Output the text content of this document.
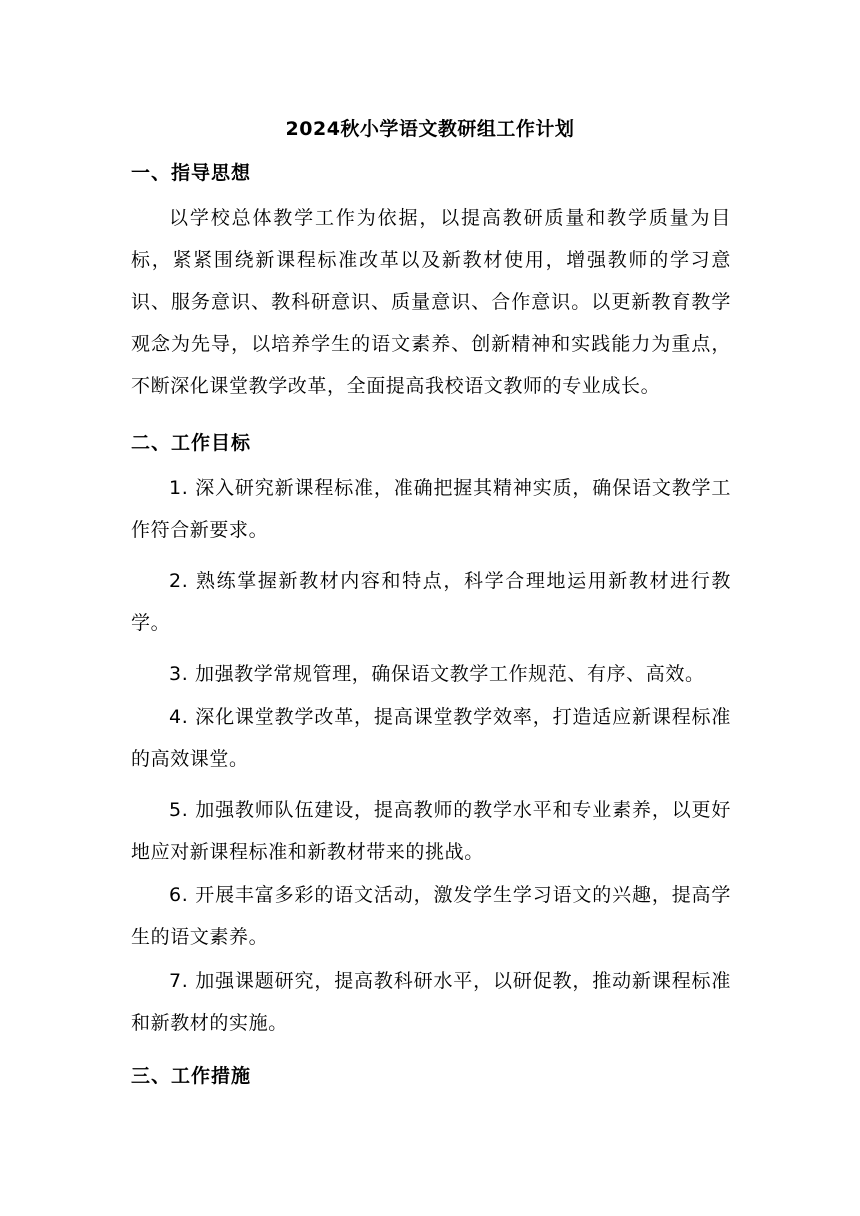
2024秋小学语文教研组工作计划
一、指导思想
以学校总体教学工作为依据，以提高教研质量和教学质量为目标，紧紧围绕新课程标准改革以及新教材使用，增强教师的学习意识、服务意识、教科研意识、质量意识、合作意识。以更新教育教学观念为先导，以培养学生的语文素养、创新精神和实践能力为重点，不断深化课堂教学改革，全面提高我校语文教师的专业成长。
二、工作目标
1. 深入研究新课程标准，准确把握其精神实质，确保语文教学工作符合新要求。
2. 熟练掌握新教材内容和特点，科学合理地运用新教材进行教学。
3. 加强教学常规管理，确保语文教学工作规范、有序、高效。
4. 深化课堂教学改革，提高课堂教学效率，打造适应新课程标准的高效课堂。
5. 加强教师队伍建设，提高教师的教学水平和专业素养，以更好地应对新课程标准和新教材带来的挑战。
6. 开展丰富多彩的语文活动，激发学生学习语文的兴趣，提高学生的语文素养。
7. 加强课题研究，提高教科研水平，以研促教，推动新课程标准和新教材的实施。
三、工作措施
